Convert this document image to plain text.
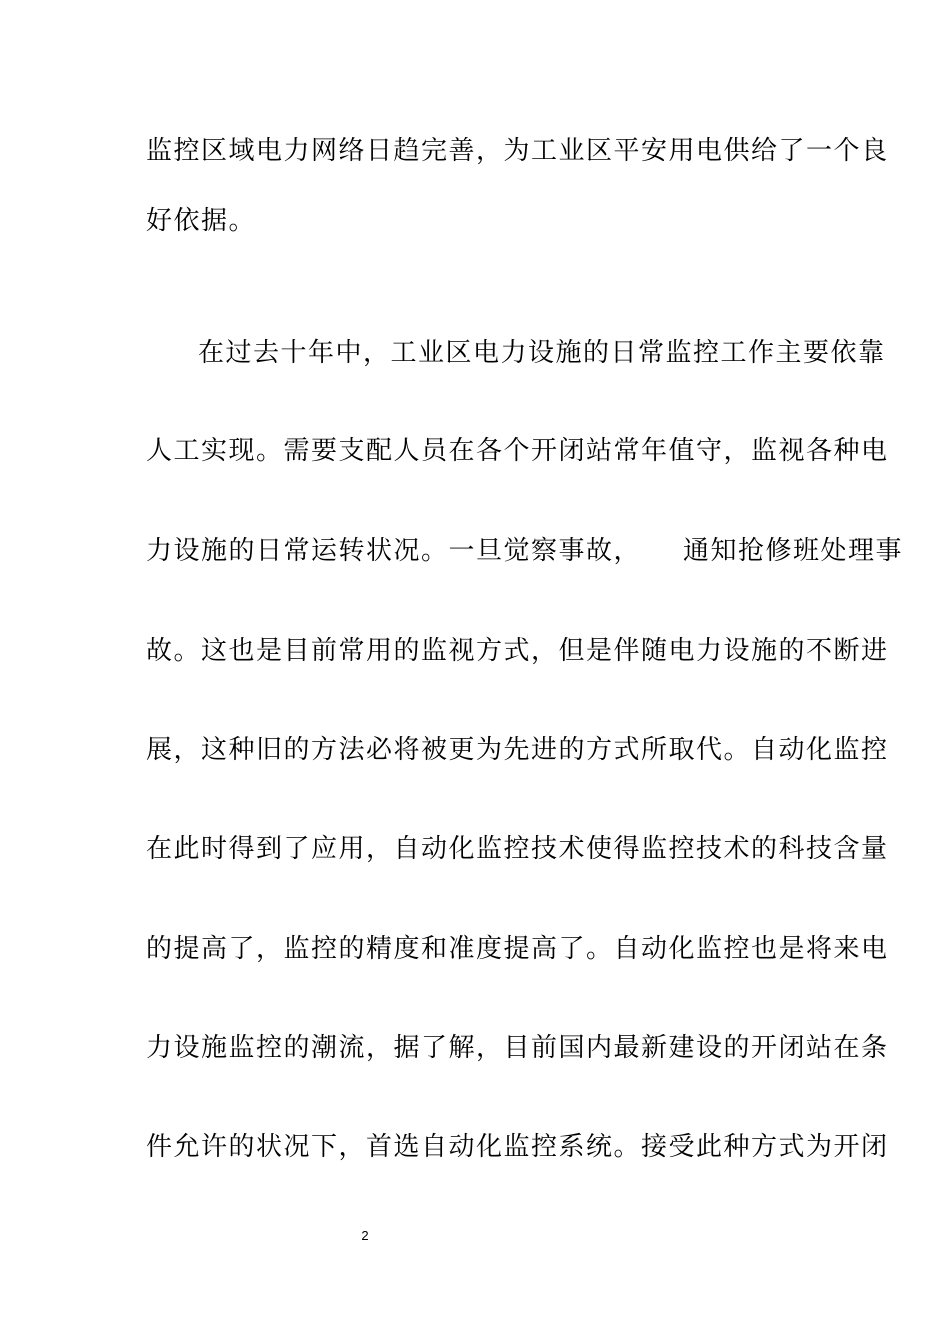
监控区域电力网络日趋完善，为工业区平安用电供给了一个良
好依据。
在过去十年中，工业区电力设施的日常监控工作主要依靠
人工实现。需要支配人员在各个开闭站常年值守，监视各种电
力设施的日常运转状况。一旦觉察事故，　　通知抢修班处理事
故。这也是目前常用的监视方式，但是伴随电力设施的不断进
展，这种旧的方法必将被更为先进的方式所取代。自动化监控
在此时得到了应用，自动化监控技术使得监控技术的科技含量
的提高了，监控的精度和准度提高了。自动化监控也是将来电
力设施监控的潮流，据了解，目前国内最新建设的开闭站在条
件允许的状况下，首选自动化监控系统。接受此种方式为开闭
2
